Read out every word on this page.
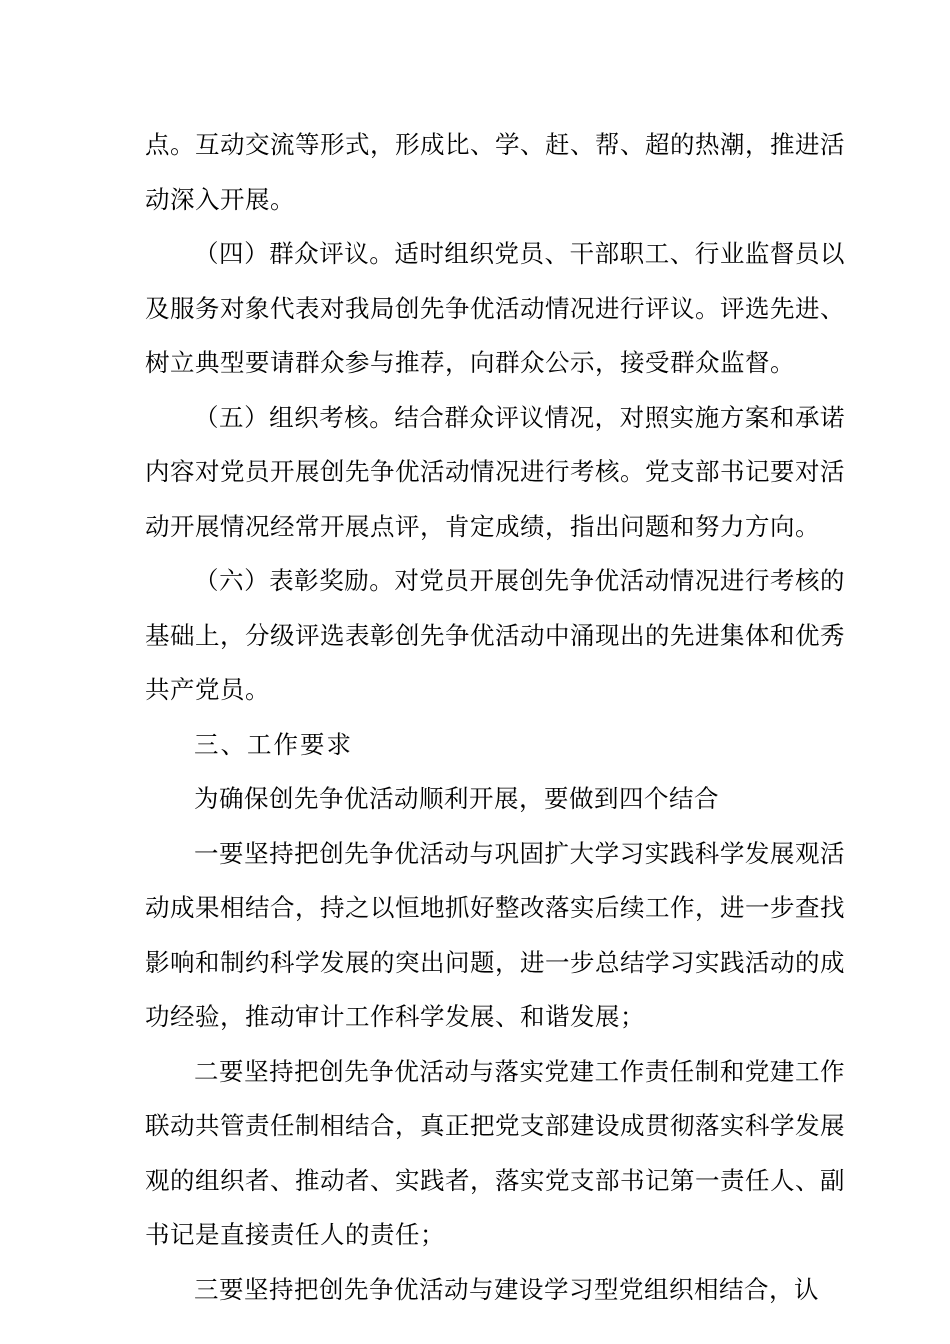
点。互动交流等形式，形成比、学、赶、帮、超的热潮，推进活动深入开展。

（四）群众评议。适时组织党员、干部职工、行业监督员以及服务对象代表对我局创先争优活动情况进行评议。评选先进、树立典型要请群众参与推荐，向群众公示，接受群众监督。

（五）组织考核。结合群众评议情况，对照实施方案和承诺内容对党员开展创先争优活动情况进行考核。党支部书记要对活动开展情况经常开展点评，肯定成绩，指出问题和努力方向。

（六）表彰奖励。对党员开展创先争优活动情况进行考核的基础上，分级评选表彰创先争优活动中涌现出的先进集体和优秀共产党员。

三、工作要求

为确保创先争优活动顺利开展，要做到四个结合

一要坚持把创先争优活动与巩固扩大学习实践科学发展观活动成果相结合，持之以恒地抓好整改落实后续工作，进一步查找影响和制约科学发展的突出问题，进一步总结学习实践活动的成功经验，推动审计工作科学发展、和谐发展；

二要坚持把创先争优活动与落实党建工作责任制和党建工作联动共管责任制相结合，真正把党支部建设成贯彻落实科学发展观的组织者、推动者、实践者，落实党支部书记第一责任人、副书记是直接责任人的责任；

三要坚持把创先争优活动与建设学习型党组织相结合，认
